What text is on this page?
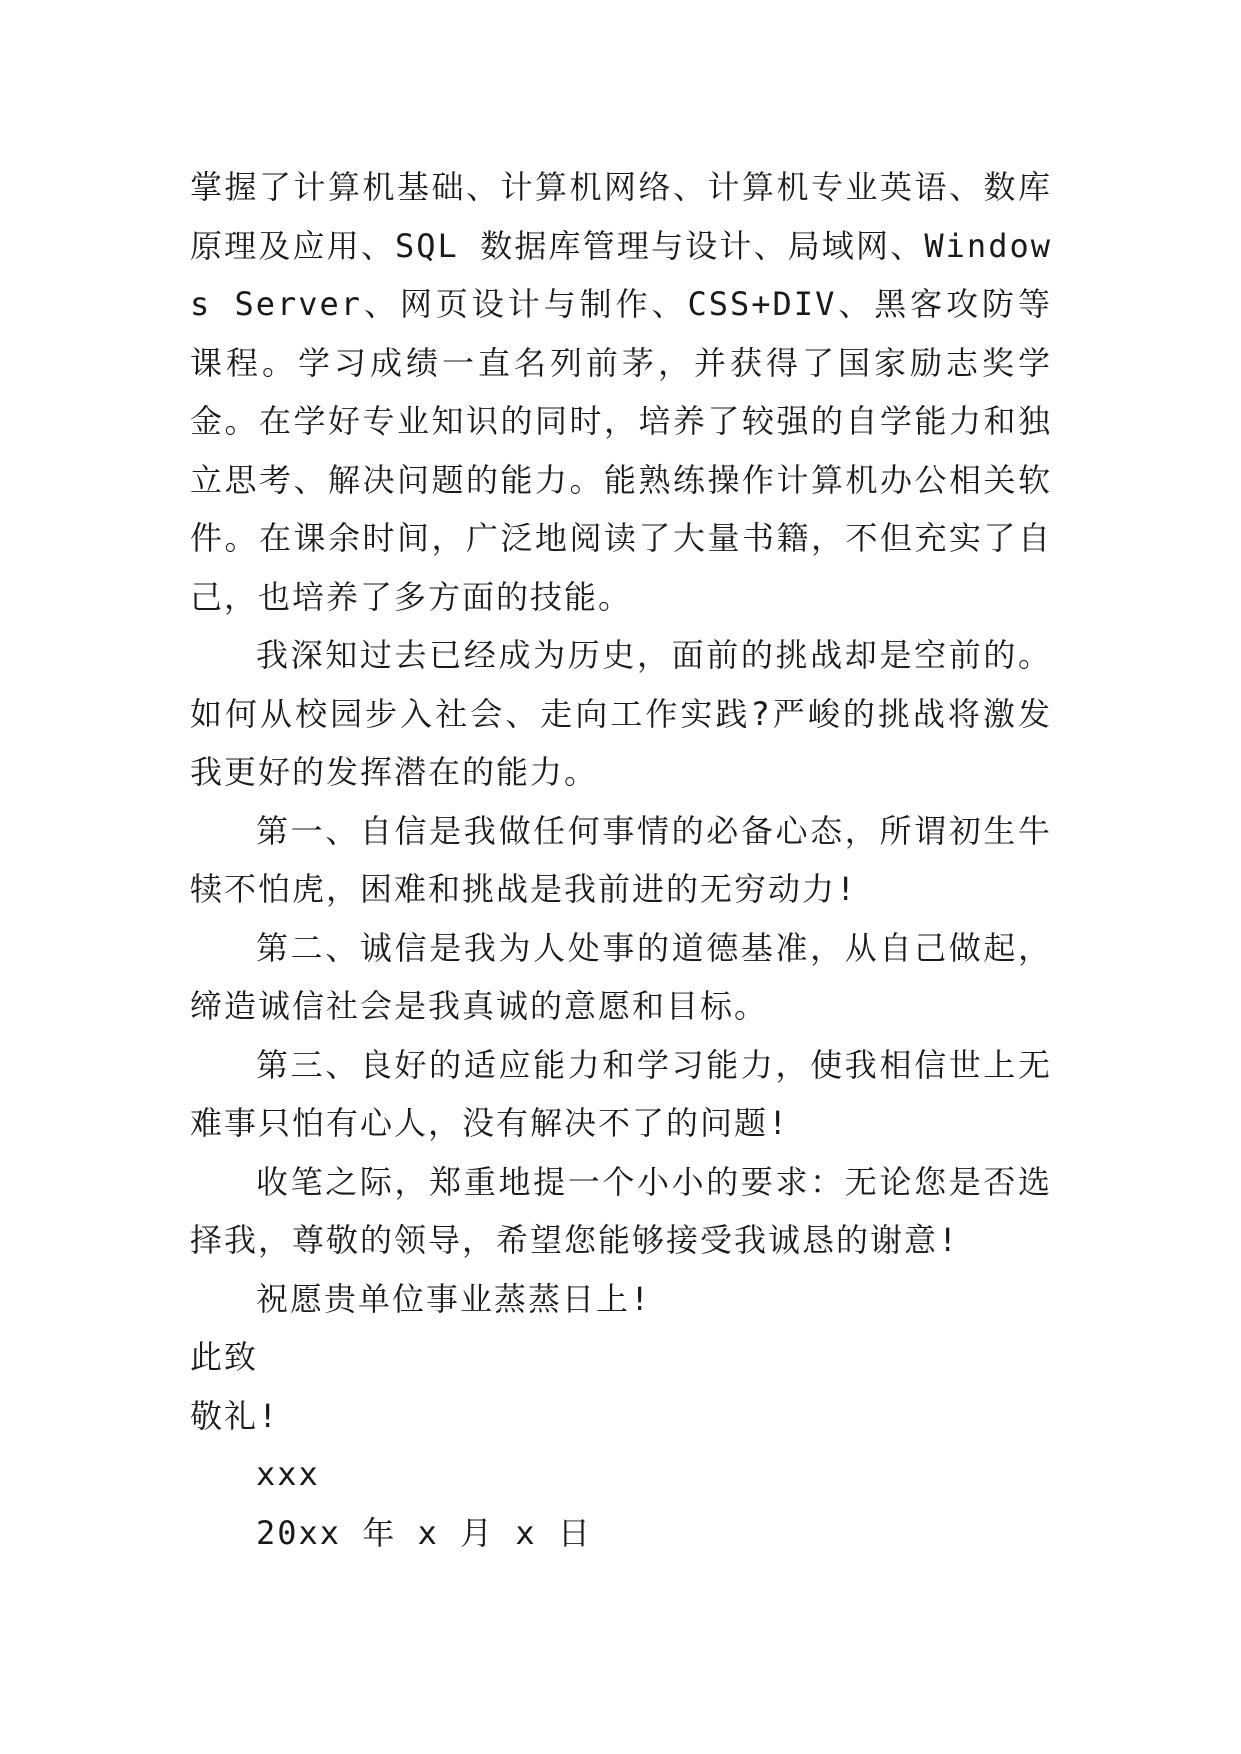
掌握了计算机基础、计算机网络、计算机专业英语、数库原理及应用、SQL 数据库管理与设计、局域网、Windows Server、网页设计与制作、CSS+DIV、黑客攻防等课程。学习成绩一直名列前茅，并获得了国家励志奖学金。在学好专业知识的同时，培养了较强的自学能力和独立思考、解决问题的能力。能熟练操作计算机办公相关软件。在课余时间，广泛地阅读了大量书籍，不但充实了自己，也培养了多方面的技能。

我深知过去已经成为历史，面前的挑战却是空前的。如何从校园步入社会、走向工作实践?严峻的挑战将激发我更好的发挥潜在的能力。

第一、自信是我做任何事情的必备心态，所谓初生牛犊不怕虎，困难和挑战是我前进的无穷动力!

第二、诚信是我为人处事的道德基准，从自己做起，缔造诚信社会是我真诚的意愿和目标。

第三、良好的适应能力和学习能力，使我相信世上无难事只怕有心人，没有解决不了的问题!

收笔之际，郑重地提一个小小的要求：无论您是否选择我，尊敬的领导，希望您能够接受我诚恳的谢意!

祝愿贵单位事业蒸蒸日上!

此致

敬礼!

xxx

20xx 年 x 月 x 日
